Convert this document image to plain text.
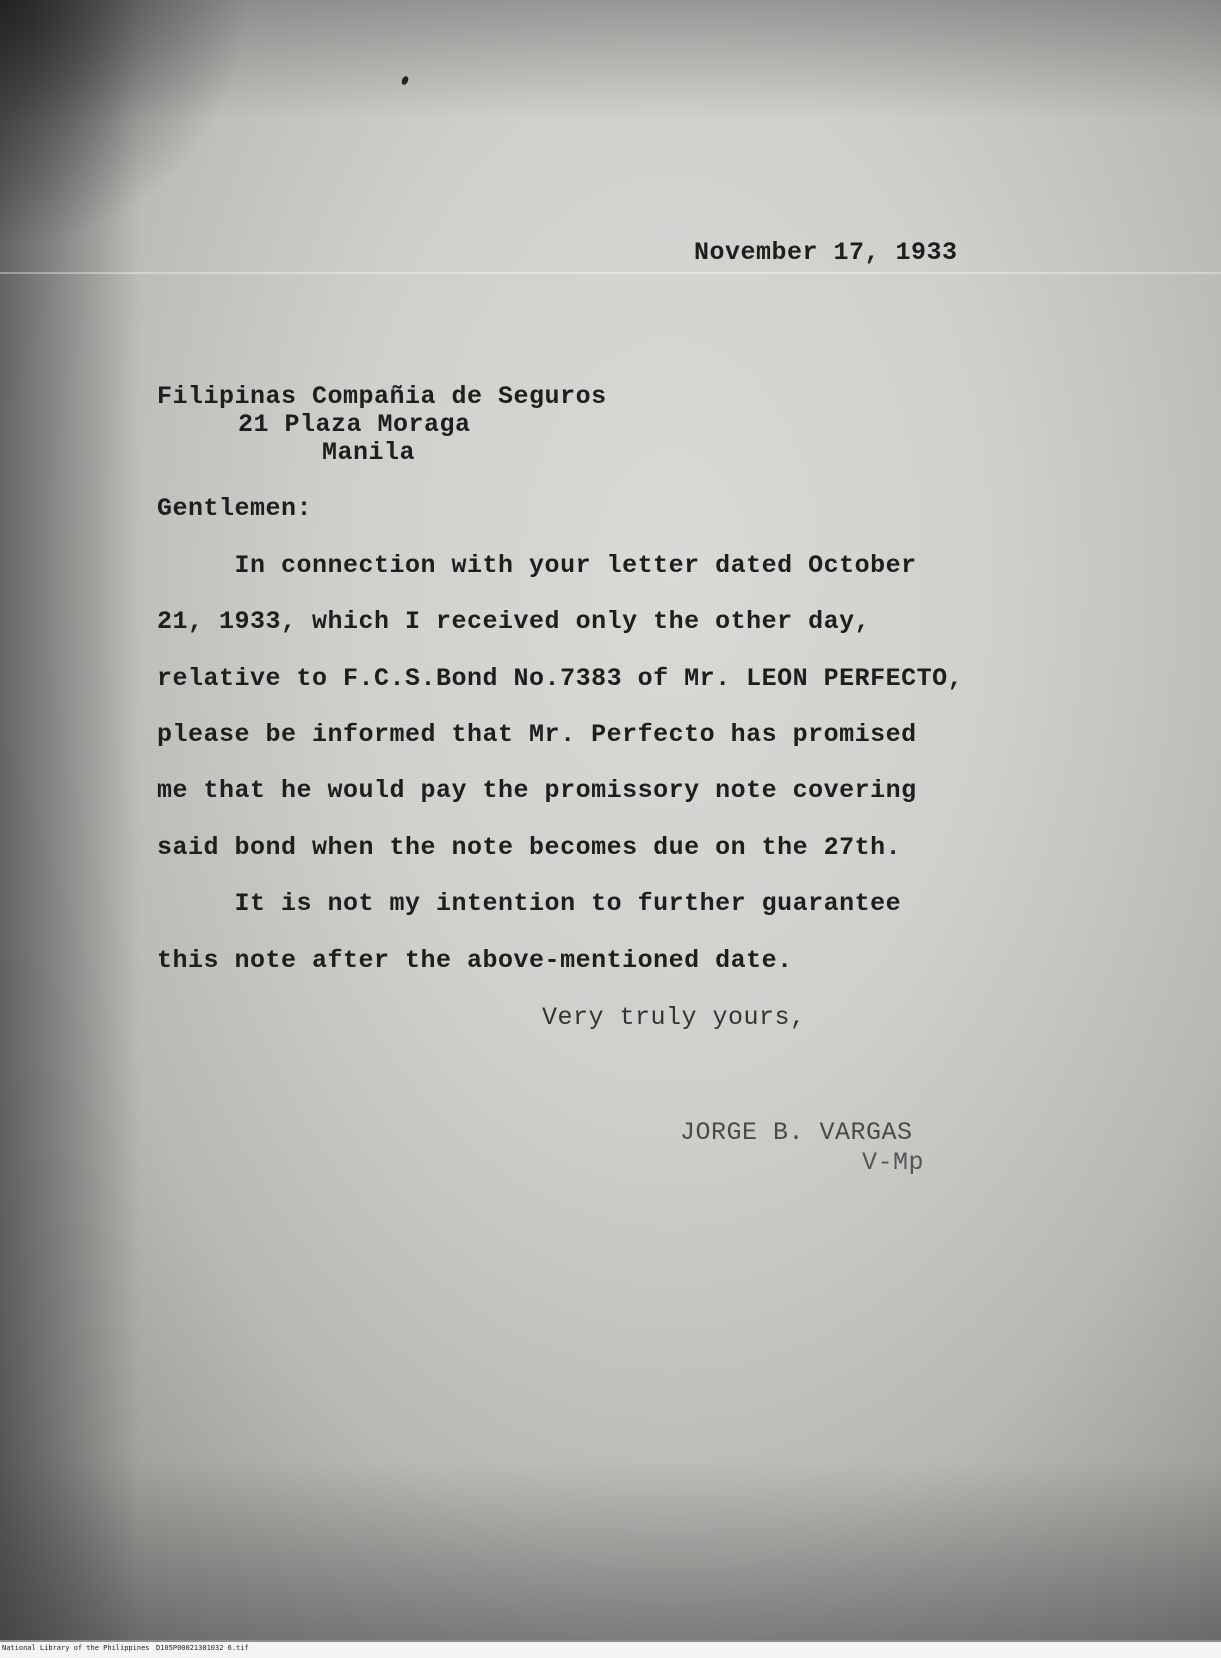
November 17, 1933
Filipinas Compañia de Seguros
21 Plaza Moraga
Manila
Gentlemen:
In connection with your letter dated October
21, 1933, which I received only the other day,
relative to F.C.S.Bond No.7383 of Mr. LEON PERFECTO,
please be informed that Mr. Perfecto has promised
me that he would pay the promissory note covering
said bond when the note becomes due on the 27th.
It is not my intention to further guarantee
this note after the above-mentioned date.
Very truly yours,
JORGE B. VARGAS
V-Mp
National Library of the Philippines D105P00021301032 6.tif
